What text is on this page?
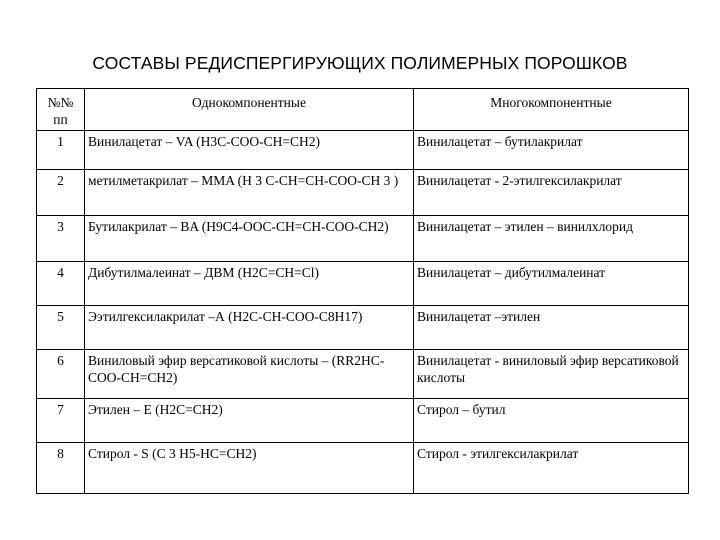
СОСТАВЫ РЕДИСПЕРГИРУЮЩИХ ПОЛИМЕРНЫХ ПОРОШКОВ
№№ пп	Однокомпонентные	Многокомпонентные
1	Винилацетат – VA (H3C-COO-CH=CH2)	Винилацетат – бутилакрилат
2	метилметакрилат – MMA (H 3 C-CH=CH-COO-CH 3 )	Винилацетат - 2-этилгексилакрилат
3	Бутилакрилат – BA (H9C4-OOC-CH=CH-COO-CH2)	Винилацетат – этилен – винилхлорид
4	Дибутилмалеинат – ДВМ (H2C=CH=Cl)	Винилацетат – дибутилмалеинат
5	Ээтилгексилакрилат –А (H2C-CH-COO-C8H17)	Винилацетат –этилен
6	Виниловый эфир версатиковой кислоты – (RR2HC-COO-CH=CH2)	Винилацетат - виниловый эфир версатиковой кислоты
7	Этилен – E (H2C=CH2)	Стирол – бутил
8	Стирол - S (C 3 H5-HC=CH2)	Стирол - этилгексилакрилат
